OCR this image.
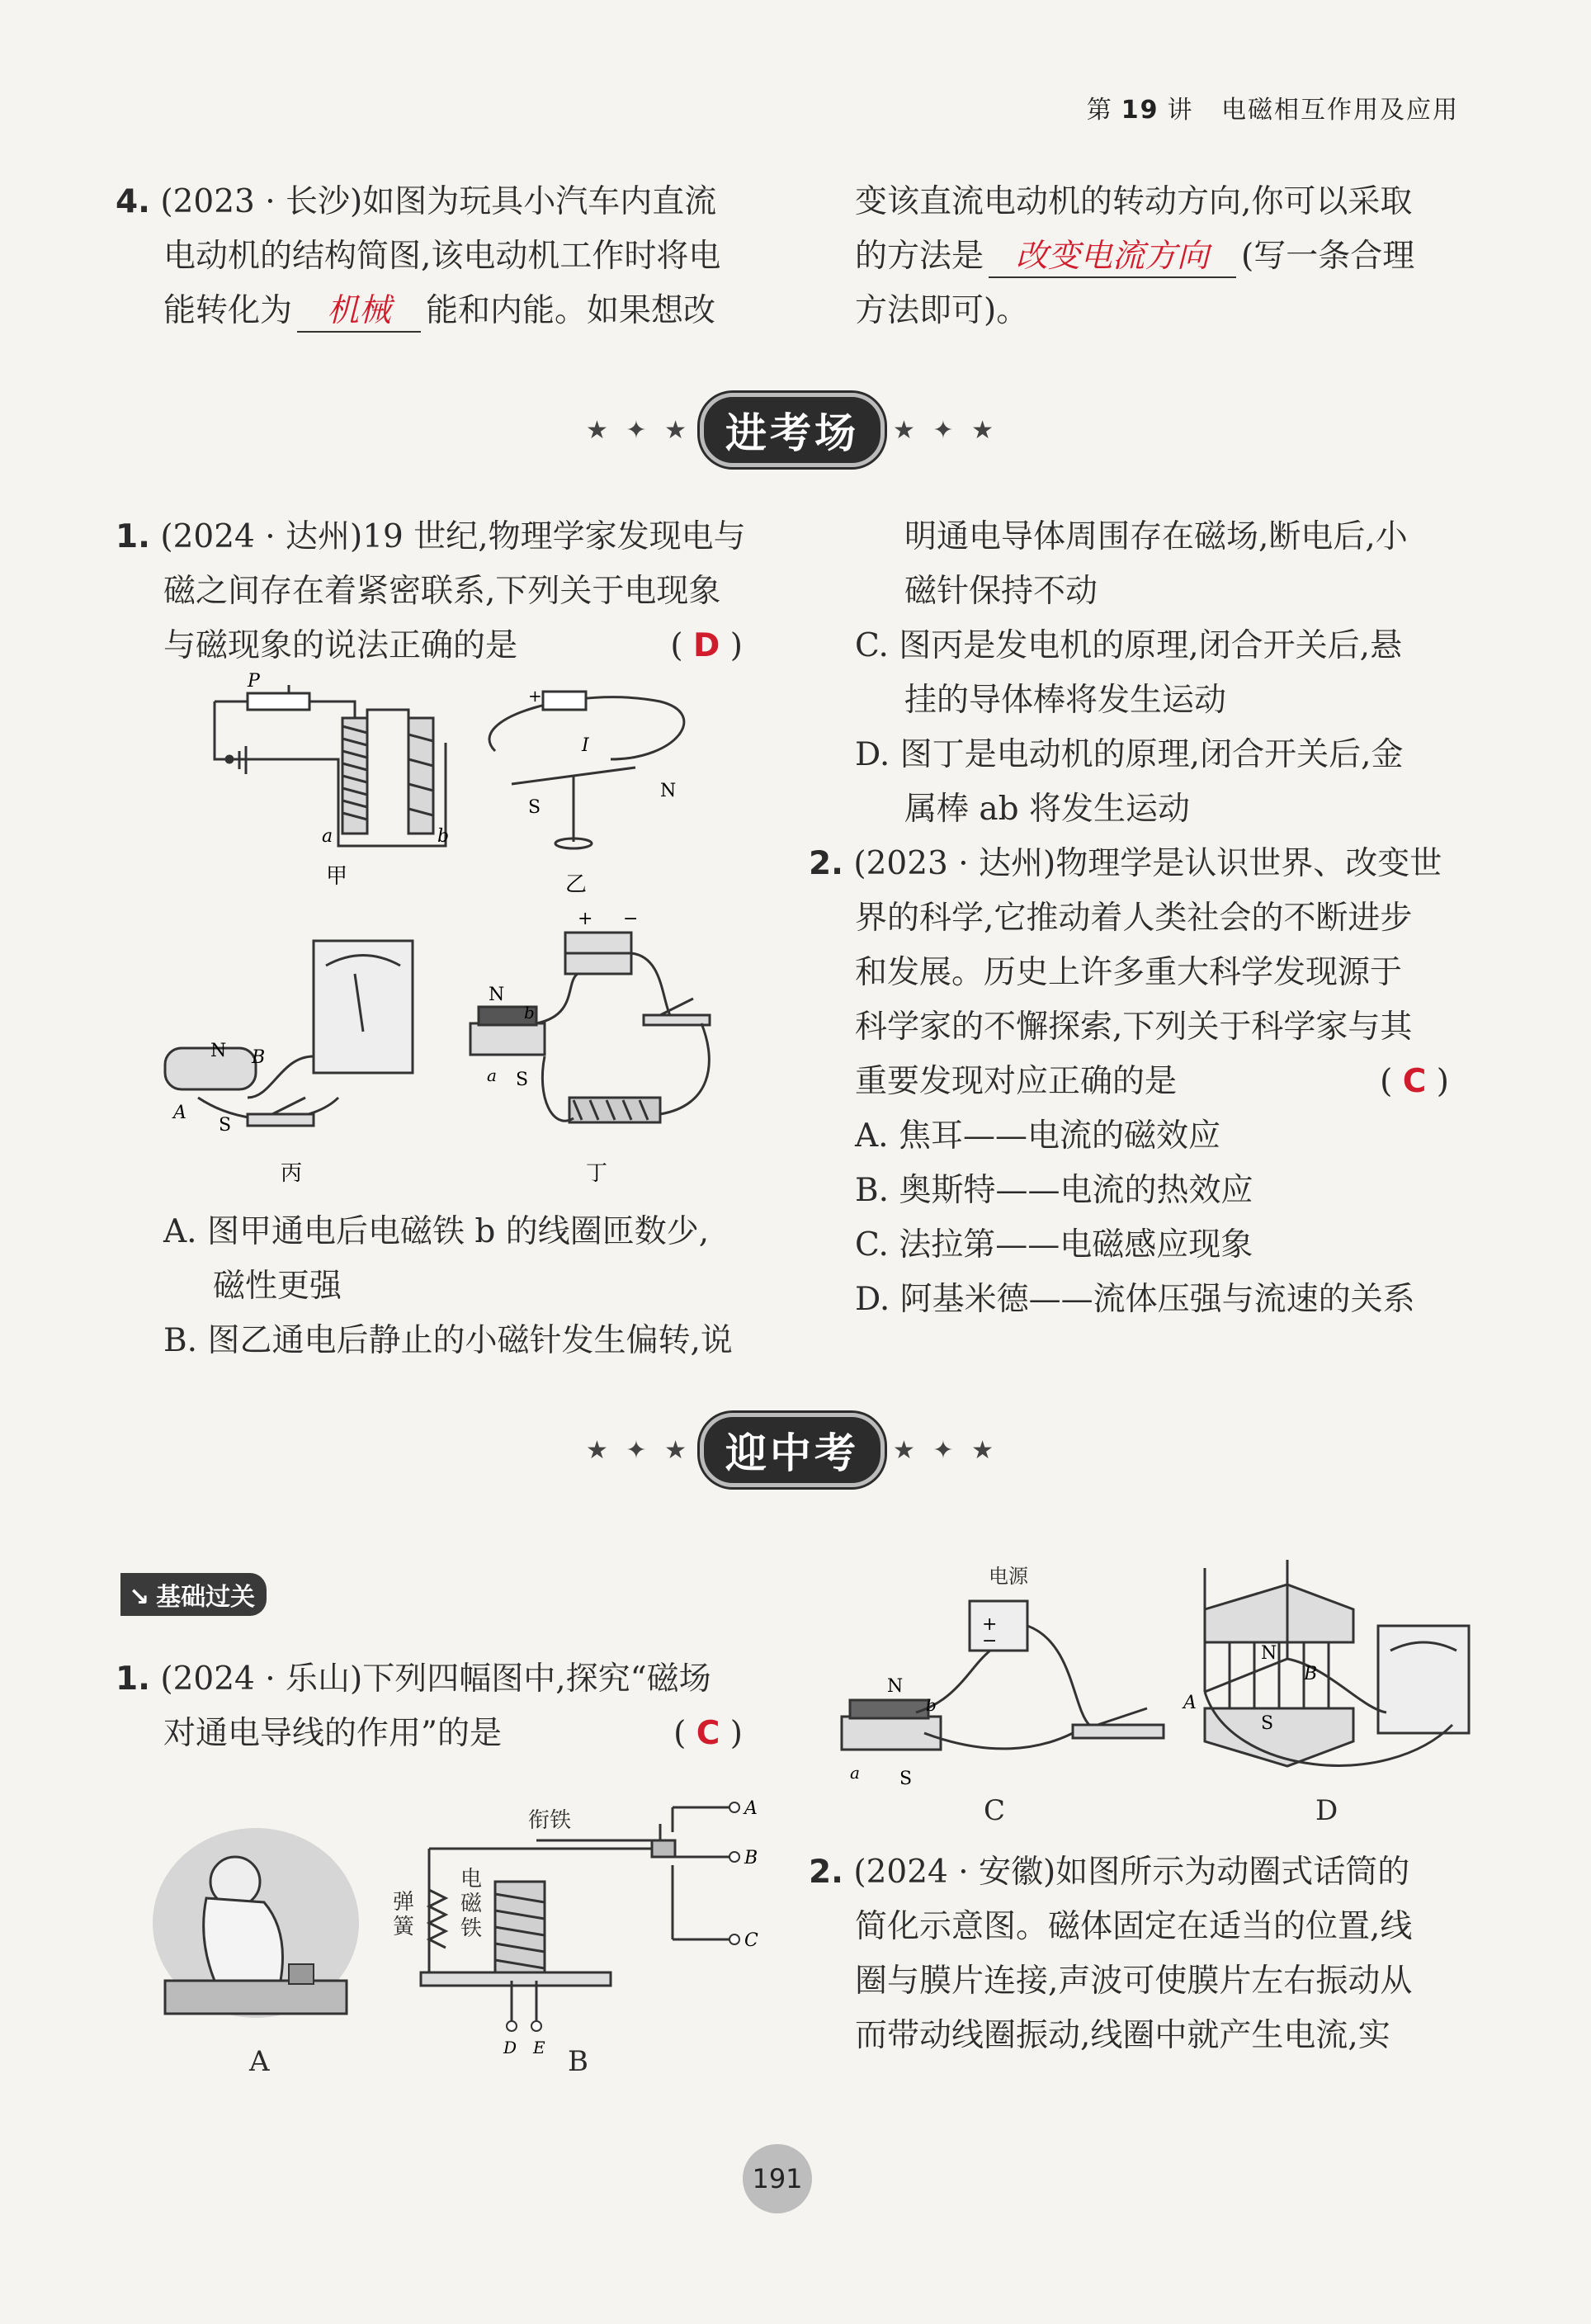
第 19 讲 电磁相互作用及应用
4. (2023 · 长沙)如图为玩具小汽车内直流
电动机的结构简图,该电动机工作时将电
能转化为 机械 能和内能。如果想改
变该直流电动机的转动方向,你可以采取
的方法是 改变电流方向 (写一条合理
方法即可)。
★ ✦ ★ 进考场	★ ✦ ★
1. (2024 · 达州)19 世纪,物理学家发现电与
磁之间存在着紧密联系,下列关于电现象
与磁现象的说法正确的是	( D )
a	b
P
甲
+
I
S
N
乙
N
S
B
A
丙
+ −
N
b
a S
丁
A. 图甲通电后电磁铁 b 的线圈匝数少,
磁性更强
B. 图乙通电后静止的小磁针发生偏转,说
明通电导体周围存在磁场,断电后,小
磁针保持不动
C. 图丙是发电机的原理,闭合开关后,悬
挂的导体棒将发生运动
D. 图丁是电动机的原理,闭合开关后,金
属棒 ab 将发生运动
2. (2023 · 达州)物理学是认识世界、改变世
界的科学,它推动着人类社会的不断进步
和发展。历史上许多重大科学发现源于
科学家的不懈探索,下列关于科学家与其
重要发现对应正确的是	( C )
A. 焦耳——电流的磁效应
B. 奥斯特——电流的热效应
C. 法拉第——电磁感应现象
D. 阿基米德——流体压强与流速的关系
★ ✦ ★ 迎中考	★ ✦ ★
↘ 基础过关
1. (2024 · 乐山)下列四幅图中,探究“磁场
对通电导线的作用”的是	( C )
A
A
B
C
D E
衔铁
弹簧
电磁铁
B
+
−
N
b
a S
电源
C
N
S
B
A
D
2. (2024 · 安徽)如图所示为动圈式话筒的
简化示意图。磁体固定在适当的位置,线
圈与膜片连接,声波可使膜片左右振动从
而带动线圈振动,线圈中就产生电流,实
191
